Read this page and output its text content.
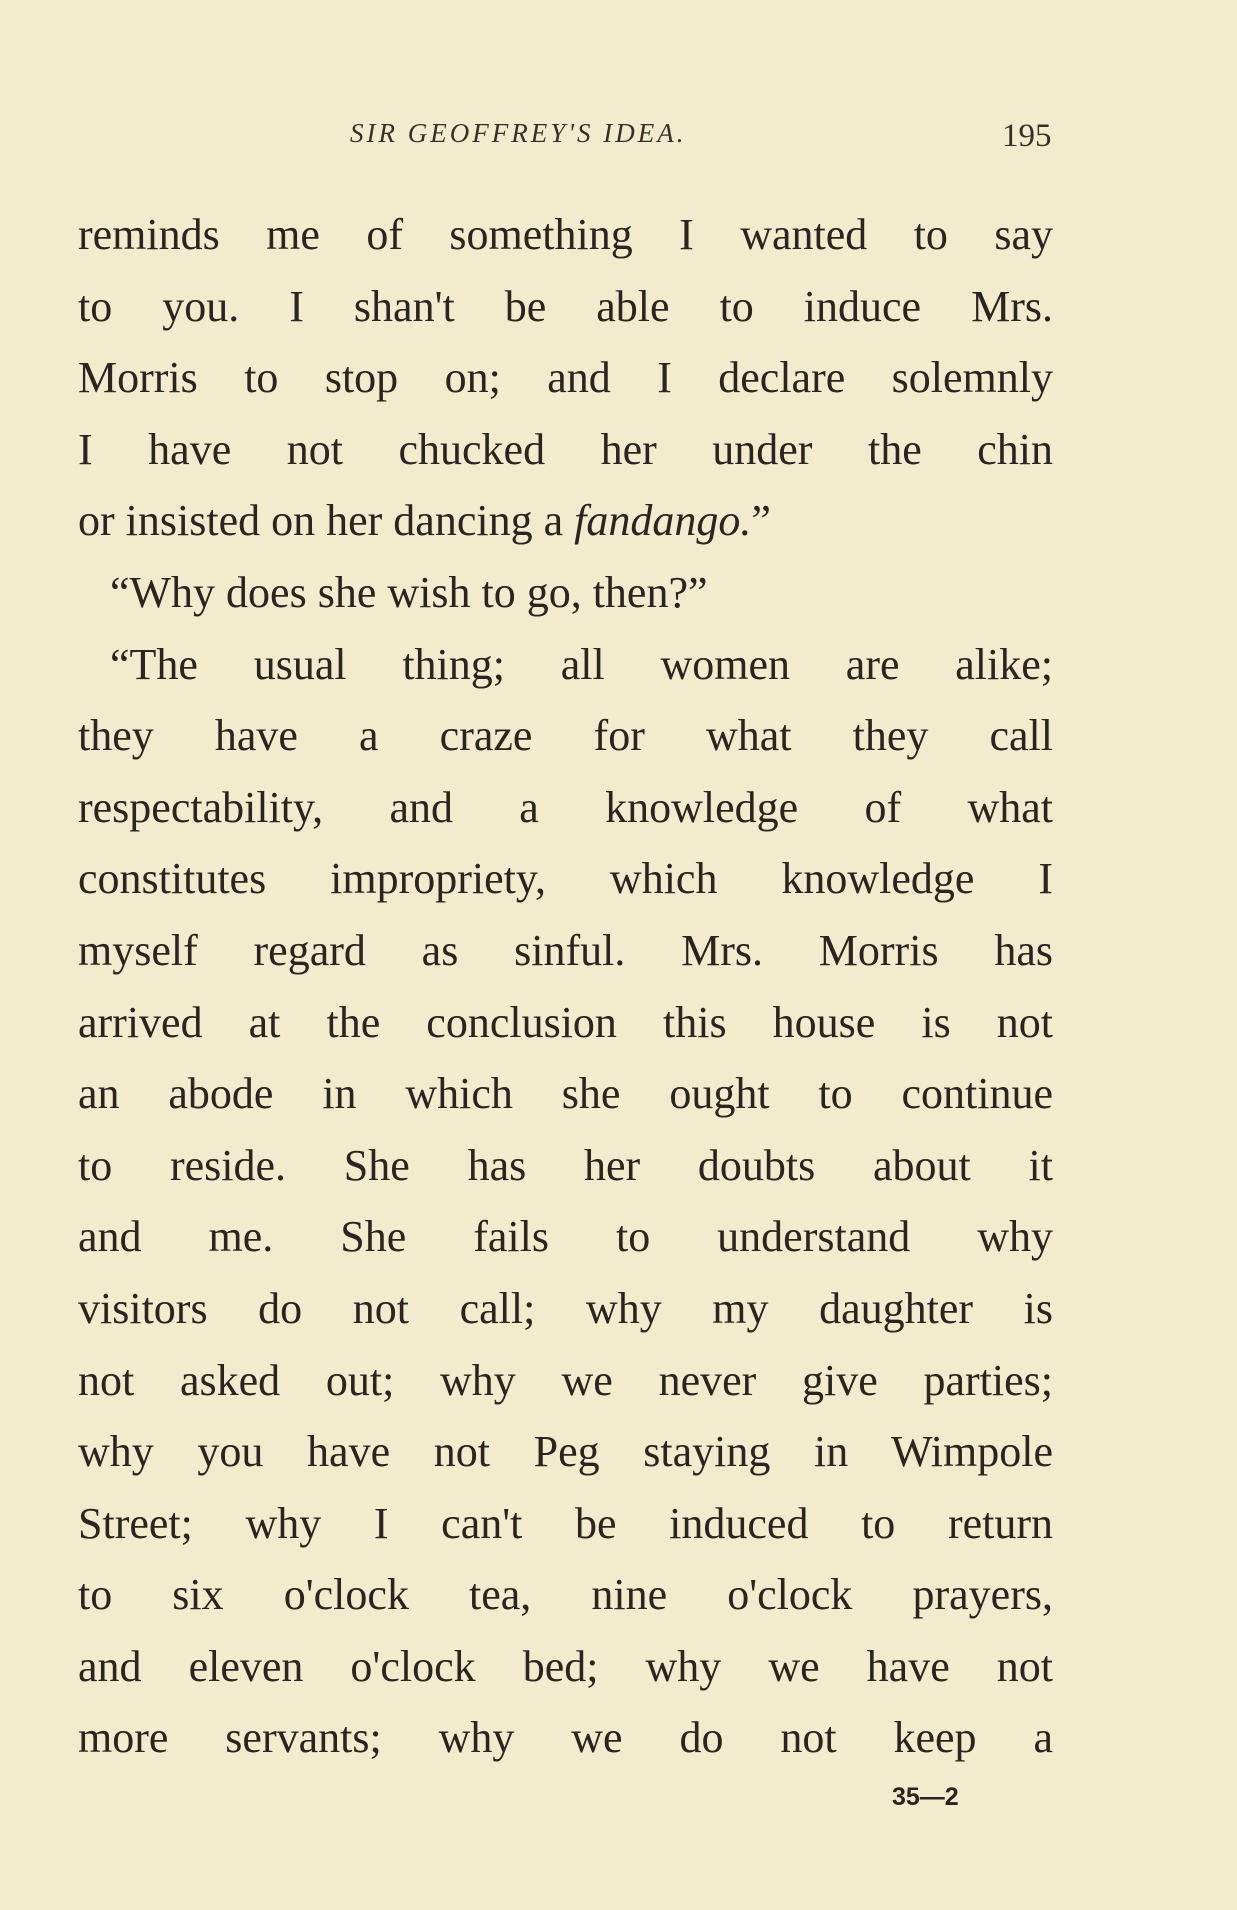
SIR GEOFFREY'S IDEA.	195
reminds me of something I wanted to say
to you. I shan't be able to induce Mrs.
Morris to stop on; and I declare solemnly
I have not chucked her under the chin
or insisted on her dancing a fandango.”
“Why does she wish to go, then?”
“The usual thing; all women are alike;
they have a craze for what they call
respectability, and a knowledge of what
constitutes impropriety, which knowledge I
myself regard as sinful. Mrs. Morris has
arrived at the conclusion this house is not
an abode in which she ought to continue
to reside. She has her doubts about it
and me. She fails to understand why
visitors do not call; why my daughter is
not asked out; why we never give parties;
why you have not Peg staying in Wimpole
Street; why I can't be induced to return
to six o'clock tea, nine o'clock prayers,
and eleven o'clock bed; why we have not
more servants; why we do not keep a
35—2
